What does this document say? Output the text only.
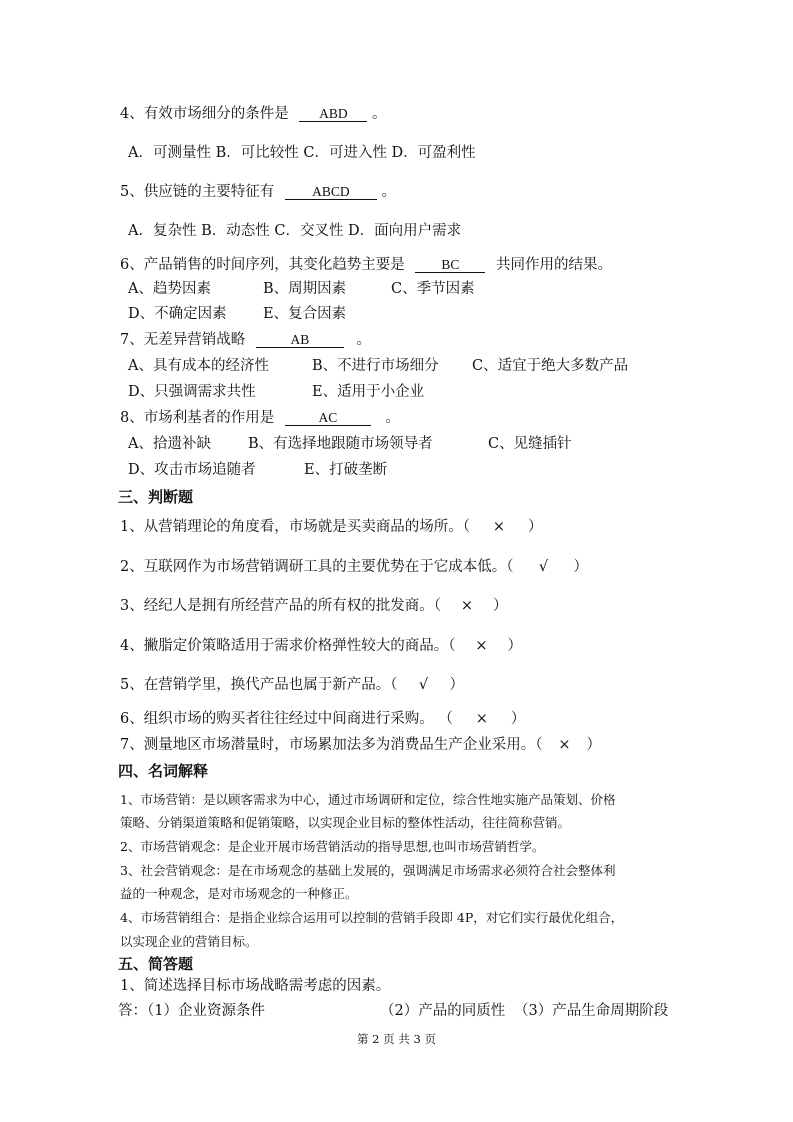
4、有效市场细分的条件是 ABD 。
A．可测量性 B．可比较性 C．可进入性 D．可盈利性
5、供应链的主要特征有	ABCD 。
A．复杂性 B．动态性 C．交叉性 D．面向用户需求
6、产品销售的时间序列，其变化趋势主要是	BC	共同作用的结果。
A、趋势因素	B、周期因素	C、季节因素
D、不确定因素	E、复合因素
7、无差异营销战略	AB	。
A、具有成本的经济性	B、不进行市场细分 C、适宜于绝大多数产品
D、只强调需求共性	E、适用于小企业
8、市场利基者的作用是	AC	。
A、拾遗补缺	B、有选择地跟随市场领导者	C、见缝插针
D、攻击市场追随者	E、打破垄断
三、判断题
1、从营销理论的角度看，市场就是买卖商品的场所。（ × ）
2、互联网作为市场营销调研工具的主要优势在于它成本低。（ √ ）
3、经纪人是拥有所经营产品的所有权的批发商。（ × ）
4、撇脂定价策略适用于需求价格弹性较大的商品。（ × ）
5、在营销学里，换代产品也属于新产品。（ √ ）
6、组织市场的购买者往往经过中间商进行采购。 （ × ）
7、测量地区市场潜量时，市场累加法多为消费品生产企业采用。（ × ）
四、名词解释
1、市场营销：是以顾客需求为中心，通过市场调研和定位，综合性地实施产品策划、价格
策略、分销渠道策略和促销策略，以实现企业目标的整体性活动，往往简称营销。
2、市场营销观念：是企业开展市场营销活动的指导思想,也叫市场营销哲学。
3、社会营销观念：是在市场观念的基础上发展的，强调满足市场需求必须符合社会整体利
益的一种观念，是对市场观念的一种修正。
4、市场营销组合：是指企业综合运用可以控制的营销手段即 4P，对它们实行最优化组合，
以实现企业的营销目标。
五、简答题
1、简述选择目标市场战略需考虑的因素。
答：（1）企业资源条件	（2）产品的同质性 （3）产品生命周期阶段
第 2 页 共 3 页
